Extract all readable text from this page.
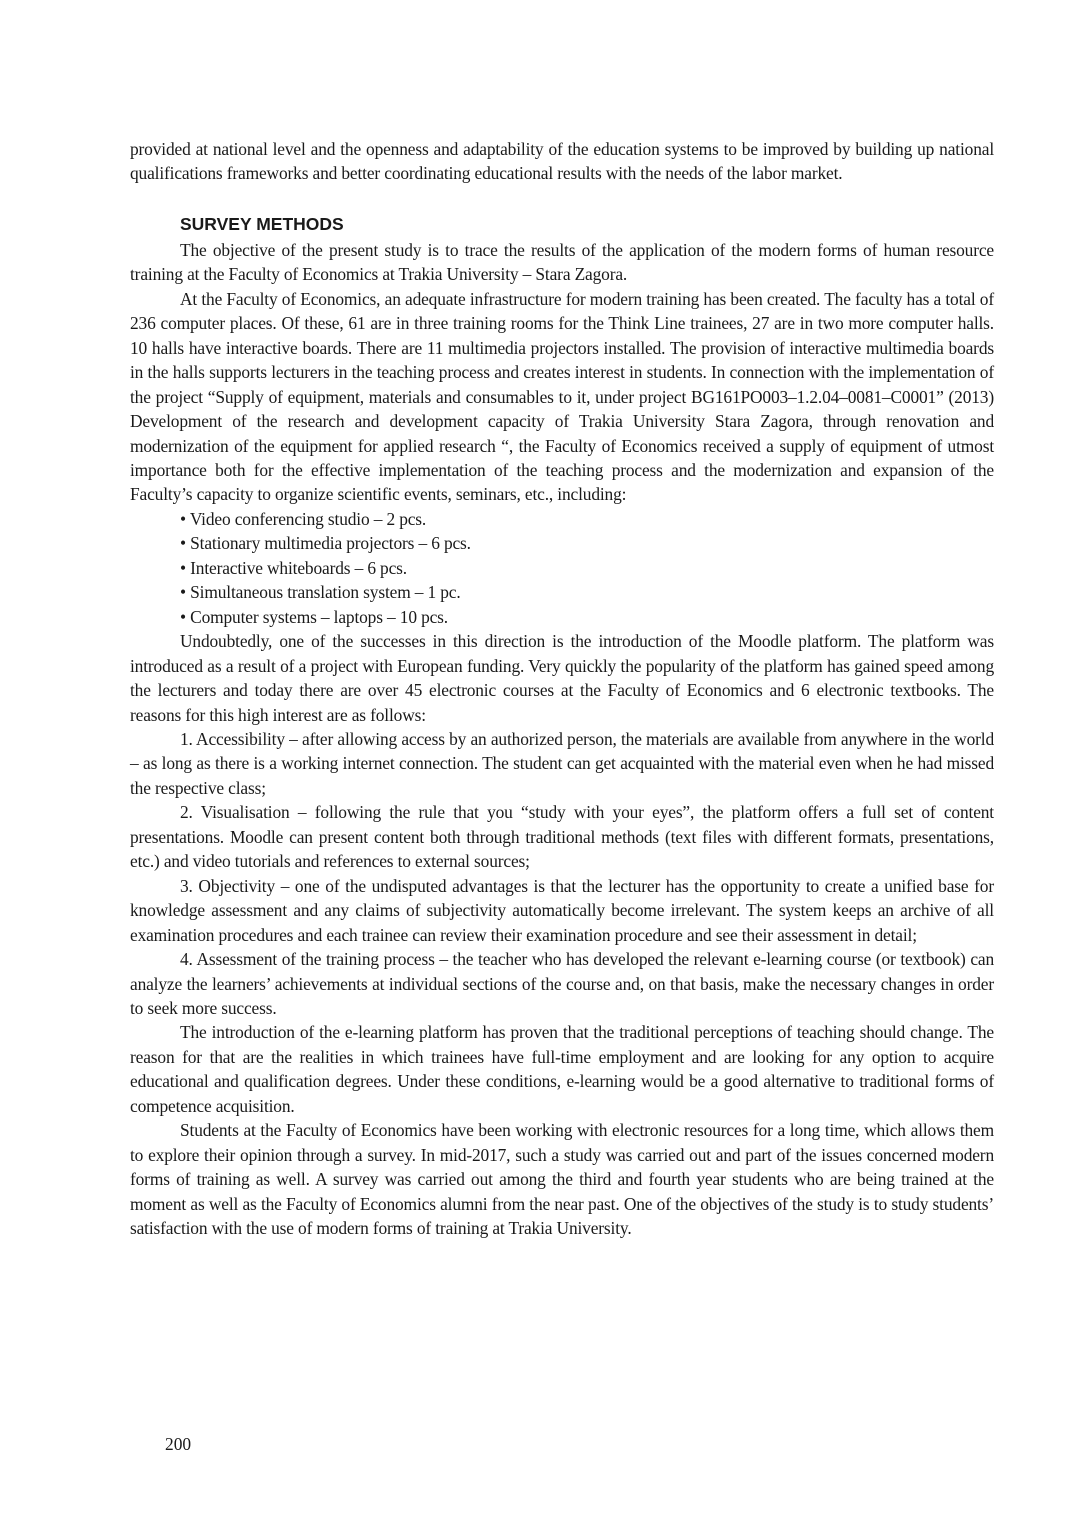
provided at national level and the openness and adaptability of the education systems to be improved by building up national qualifications frameworks and better coordinating educational results with the needs of the labor market.

SURVEY METHODS

The objective of the present study is to trace the results of the application of the modern forms of human resource training at the Faculty of Economics at Trakia University – Stara Zagora.

At the Faculty of Economics, an adequate infrastructure for modern training has been created. The faculty has a total of 236 computer places. Of these, 61 are in three training rooms for the Think Line trainees, 27 are in two more computer halls. 10 halls have interactive boards. There are 11 multimedia projectors installed. The provision of interactive multimedia boards in the halls supports lecturers in the teaching process and creates interest in students. In connection with the implementation of the project “Supply of equipment, materials and consumables to it, under project BG161PO003–1.2.04–0081–C0001” (2013) Development of the research and development capacity of Trakia University Stara Zagora, through renovation and modernization of the equipment for applied research “, the Faculty of Economics received a supply of equipment of utmost importance both for the effective implementation of the teaching process and the modernization and expansion of the Faculty’s capacity to organize scientific events, seminars, etc., including:

• Video conferencing studio – 2 pcs.

• Stationary multimedia projectors – 6 pcs.

• Interactive whiteboards – 6 pcs.

• Simultaneous translation system – 1 pc.

• Computer systems – laptops – 10 pcs.

Undoubtedly, one of the successes in this direction is the introduction of the Moodle platform. The platform was introduced as a result of a project with European funding. Very quickly the popularity of the platform has gained speed among the lecturers and today there are over 45 electronic courses at the Faculty of Economics and 6 electronic textbooks. The reasons for this high interest are as follows:

1. Accessibility – after allowing access by an authorized person, the materials are available from anywhere in the world – as long as there is a working internet connection. The student can get acquainted with the material even when he had missed the respective class;

2. Visualisation – following the rule that you “study with your eyes”, the platform offers a full set of content presentations. Moodle can present content both through traditional methods (text files with different formats, presentations, etc.) and video tutorials and references to external sources;

3. Objectivity – one of the undisputed advantages is that the lecturer has the opportunity to create a unified base for knowledge assessment and any claims of subjectivity automatically become irrelevant. The system keeps an archive of all examination procedures and each trainee can review their examination procedure and see their assessment in detail;

4. Assessment of the training process – the teacher who has developed the relevant e-learning course (or textbook) can analyze the learners’ achievements at individual sections of the course and, on that basis, make the necessary changes in order to seek more success.

The introduction of the e-learning platform has proven that the traditional perceptions of teaching should change. The reason for that are the realities in which trainees have full-time employment and are looking for any option to acquire educational and qualification degrees. Under these conditions, e-learning would be a good alternative to traditional forms of competence acquisition.

Students at the Faculty of Economics have been working with electronic resources for a long time, which allows them to explore their opinion through a survey. In mid-2017, such a study was carried out and part of the issues concerned modern forms of training as well. A survey was carried out among the third and fourth year students who are being trained at the moment as well as the Faculty of Economics alumni from the near past. One of the objectives of the study is to study students’ satisfaction with the use of modern forms of training at Trakia University.

200
